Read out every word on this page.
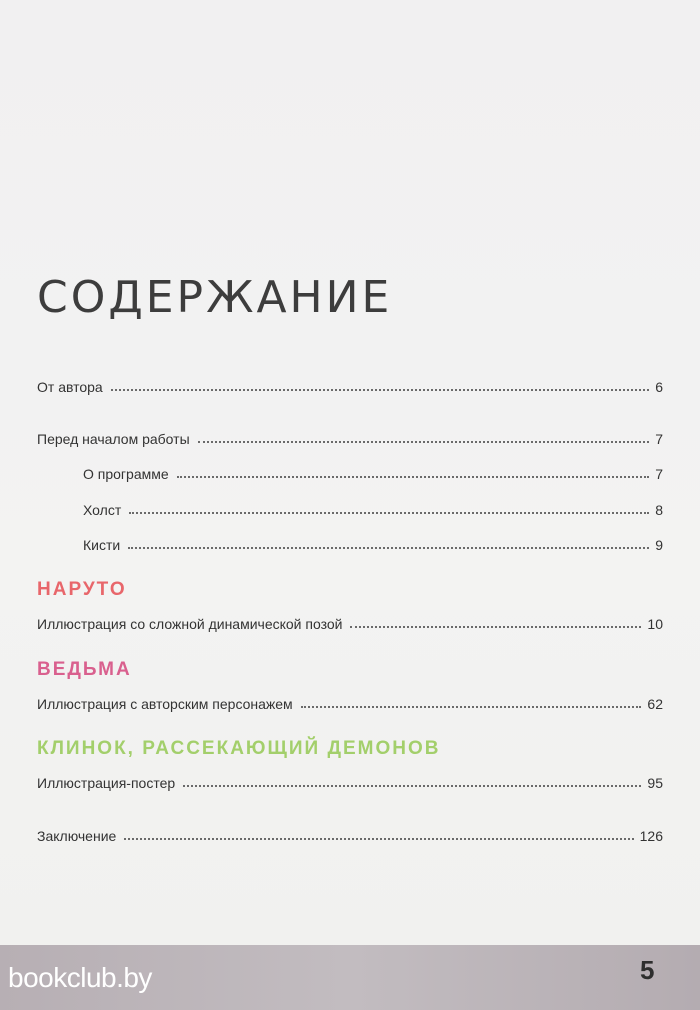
СОДЕРЖАНИЕ
От автора	6
Перед началом работы	7
О программе	7
Холст	8
Кисти	9
НАРУТО
Иллюстрация со сложной динамической позой	10
ВЕДЬМА
Иллюстрация с авторским персонажем	62
КЛИНОК, РАССЕКАЮЩИЙ ДЕМОНОВ
Иллюстрация-постер	95
Заключение	126
bookclub.by	5
